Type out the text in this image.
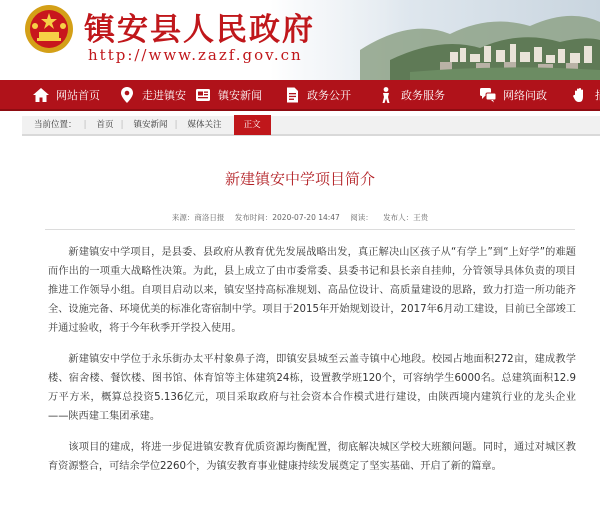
镇安县人民政府
http://www.zazf.gov.cn
网站首页	走进镇安	镇安新闻	政务公开	政务服务	网络问政	招
当前位置： |	首页 |	镇安新闻 |	媒体关注	正文
新建镇安中学项目简介
来源：商洛日报 发布时间：2020-07-20 14:47 阅读： 发布人：王贵

新建镇安中学项目，是县委、县政府从教育优先发展战略出发，真正解决山区孩子从“有学上”到“上好学”的难题而作出的一项重大战略性决策。为此，县上成立了由市委常委、县委书记和县长亲自挂帅，分管领导具体负责的项目推进工作领导小组。自项目启动以来，镇安坚持高标准规划、高品位设计、高质量建设的思路，致力打造一所功能齐全、设施完备、环境优美的标准化寄宿制中学。项目于2015年开始规划设计，2017年6月动工建设，目前已全部竣工并通过验收，将于今年秋季开学投入使用。

新建镇安中学位于永乐街办太平村象鼻子湾，即镇安县城至云盖寺镇中心地段。校园占地面积272亩，建成教学楼、宿舍楼、餐饮楼、图书馆、体育馆等主体建筑24栋，设置教学班120个，可容纳学生6000名。总建筑面积12.9万平方米，概算总投资5.136亿元，项目采取政府与社会资本合作模式进行建设，由陕西境内建筑行业的龙头企业——陕西建工集团承建。

该项目的建成，将进一步促进镇安教育优质资源均衡配置，彻底解决城区学校大班额问题。同时，通过对城区教育资源整合，可结余学位2260个，为镇安教育事业健康持续发展奠定了坚实基础、开启了新的篇章。
